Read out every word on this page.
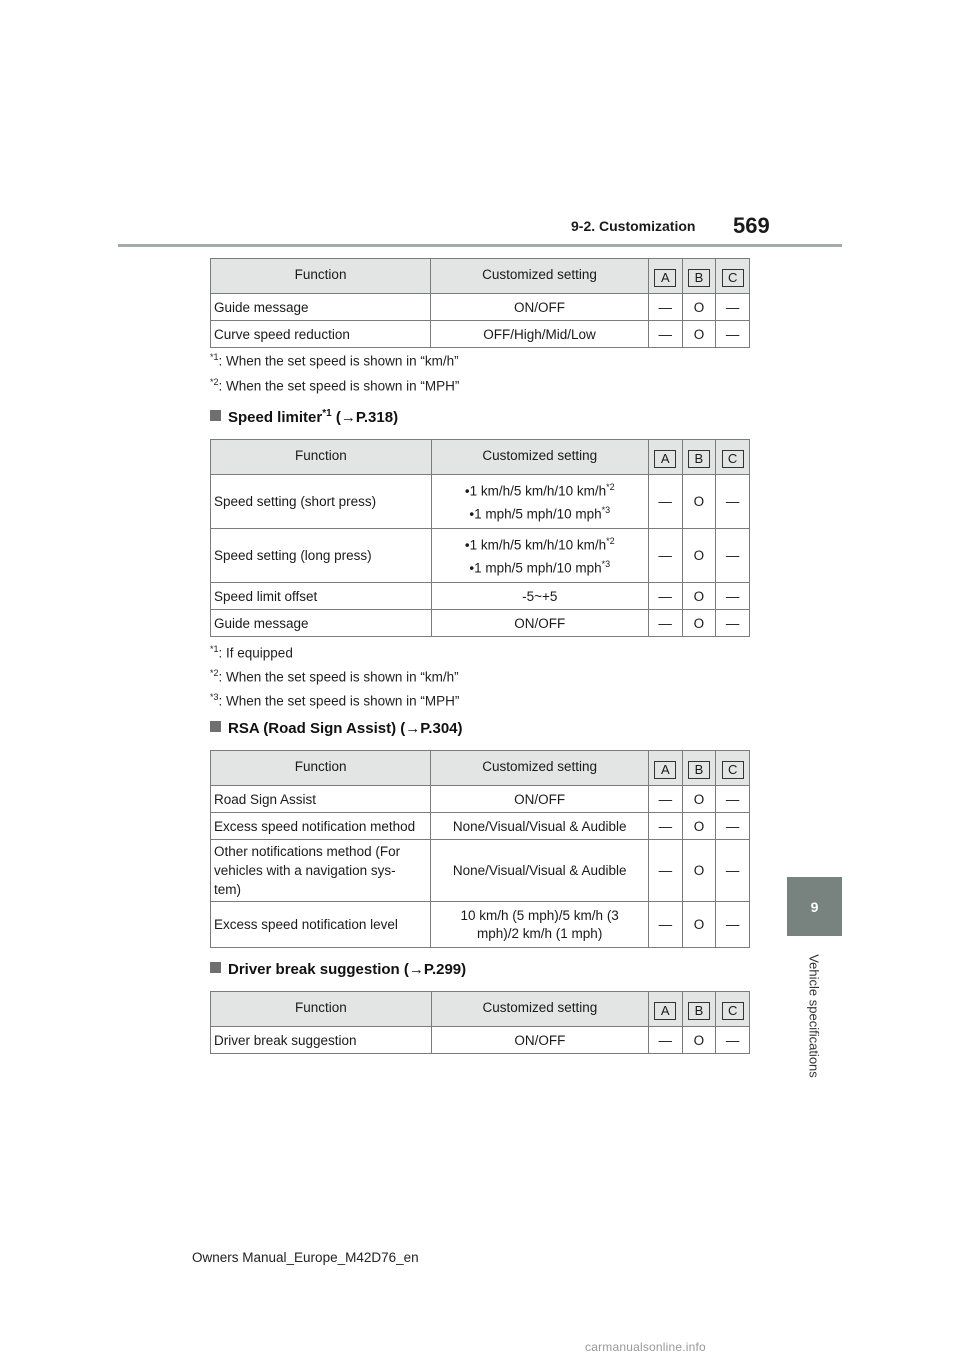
9-2. Customization 569
9
Vehicle specifications
Function	Customized setting	A	B	C
Guide message	ON/OFF	—	O	—
Curve speed reduction	OFF/High/Mid/Low	—	O	—
$^{*1}$: When the set speed is shown in “km/h”
$^{*2}$: When the set speed is shown in “MPH”
Speed limiter$^{*1}$ (→P.318)
Function	Customized setting	A	B	C
Speed setting (short press)	•1 km/h/5 km/h/10 $km/h^{*2}$
•1 mph/5 mph/10 mph$^{*3}$	—	O	—
Speed setting (long press)	•1 km/h/5 km/h/10 $km/h^{*2}$
•1 mph/5 mph/10 mph$^{*3}$	—	O	—
Speed limit offset	-5~+5	—	O	—
Guide message	ON/OFF	—	O	—
$^{*1}$: If equipped
$^{*2}$: When the set speed is shown in “km/h”
$^{*3}$: When the set speed is shown in “MPH”
RSA (Road Sign Assist) (→P.304)
Function	Customized setting	A	B	C
Road Sign Assist	ON/OFF	—	O	—
Excess speed notification method	None/Visual/Visual & Audible	—	O	—
Other notifications method (For
vehicles with a navigation sys-
tem)	None/Visual/Visual & Audible	—	O	—
Excess speed notification level	10 km/h (5 mph)/5 km/h (3
mph)/2 km/h (1 mph)	—	O	—
Driver break suggestion (→P.299)
Function	Customized setting	A	B	C
Driver break suggestion	ON/OFF	—	O	—
Owners Manual_Europe_M42D76_en
carmanualsonline.info
